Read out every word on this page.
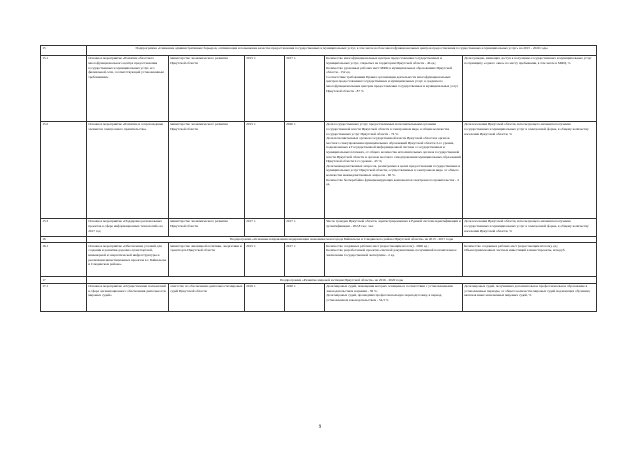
15	Подпрограмма «Снижение административных барьеров, оптимизация и повышение качества предоставления государственных и муниципальных услуг, в том числе на базе многофункциональных центров предоставления государственных и муниципальных услуг» на 2015 - 2020 годы					
15.1	Основное мероприятие «Развитие областного многофункционального центра предоставления государственных и муниципальных услуг, его филиальной сети, соответствующей установленным требованиям»	министерство экономического развития Иркутской области	2015 г.	2017 г.	Количество многофункциональных центров предоставления государственных и муниципальных услуг, открытых на территории Иркутской области - 46 ед.;
Количество удаленных рабочих мест МФЦ в муниципальных образованиях Иркутской области - 152 ед.
Соответствие требованиям Правил организации деятельности многофункциональных центров предоставления государственных и муниципальных услуг, в среднем по многофункциональным центрам предоставления государственных и муниципальных услуг Иркутской области - 87 %	Доля граждан, имеющих доступ к получению государственных и муниципальных услуг по принципу «одного окна» по месту пребывания, в том числе в МФЦ, %

15.2	Основное мероприятие «Развитие и сопровождение элементов электронного правительства»	министерство экономического развития Иркутской области	2015 г.	2020 г.	Доля государственных услуг, предоставляемых исполнительными органами государственной власти Иркутской области в электронном виде, в общем количестве государственных услуг Иркутской области - 74 %.
Доля исполнительных органов государственной власти Иркутской области и органов местного самоуправления муниципальных образований Иркутской области 2-го уровня, подключенных к Государственной информационной системе о государственных и муниципальных платежах, от общего количества исполнительных органов государственной власти Иркутской области и органов местного самоуправления муниципальных образований Иркутской области 2-го уровня - 45 %;
Доля межведомственных запросов, реализуемых в целях предоставления государственных и муниципальных услуг Иркутской области, осуществляемых в электронном виде, от общего количества межведомственных запросов - 60 %.
Количество бесперебойно функционирующих компонентов электронного правительства - 4 ед.	Доля населения Иркутской области, использующего механизм получения государственных и муниципальных услуг в электронной форме, в общему количеству населения Иркутской области, %

15.3	Основное мероприятие «Поддержка региональных проектов в сфере информационных технологий» на 2017 год	министерство экономического развития Иркутской области	2017 г.	2017 г.	Число граждан Иркутской области, зарегистрированных в Единой системе идентификации и аутентификации - 202,8 тыс. чел.	Доля населения Иркутской области, использующего механизм получения государственных и муниципальных услуг в электронной форме, в общему количеству населения Иркутской области, %

16	Подпрограмма «Основные направления модернизации экономики моногорода Байкальска и Слюдянского района Иркутской области» на 2015 - 2017 годы					
16.1	Основное мероприятие «Обеспечение условий для создания и развития дорожно-транспортной, инженерной и энергетической инфраструктуры и реализации инвестиционных проектов в г. Байкальске и Слюдянском районе»	министерство жилищной политики, энергетики и транспорта Иркутской области	2015 г.	2017 г.	Количество созданных рабочих мест (нарастающим итогом) - 2600 ед.;
Количество разработанной проектно-сметной документации, получившей положительное заключение государственной экспертизы - 2 ед.	Количество созданных рабочих мест (нарастающим итогом), ед.;
Объем привлеченных частных инвестиций в инвестпроекты, млн.руб.

17	Подпрограмма «Развитие мировой юстиции Иркутской области» на 2016 - 2020 годы					
17.1	Основное мероприятие «Осуществление полномочий в сфере организационного обеспечения деятельности мировых судей»	агентство по обеспечению деятельности мировых судей Иркутской области	2016 г.	2020 г.	Доля мировых судей, помещения которых оснащены в соответствии с установленными законодательством нормами - 59 %.
Доля мировых судей, прошедших профессиональную переподготовку, в период, установленном законодательством - 54,3 %	Доля мировых судей, получивших дополнительное профессиональное образование в установленные периоды, от общего количества мировых судей подлежащих обучению; включая иных назначенных мировых судей, %
9
